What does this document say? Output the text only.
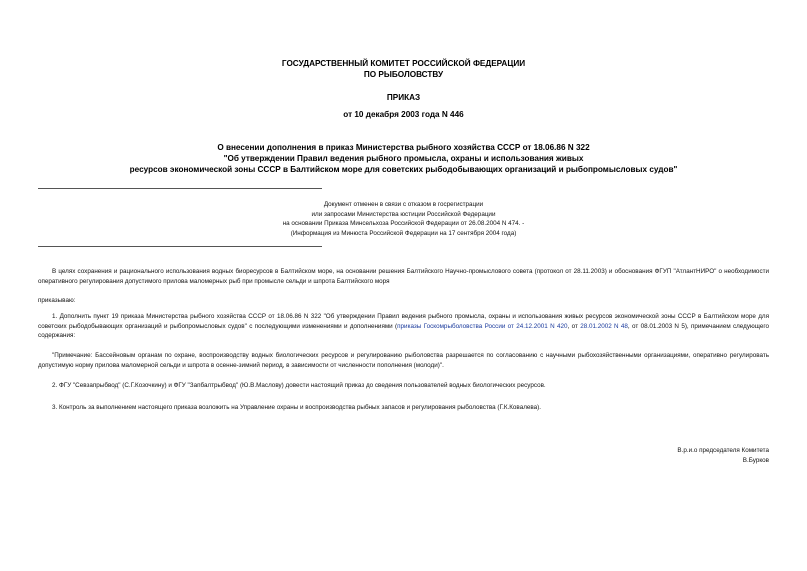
ГОСУДАРСТВЕННЫЙ КОМИТЕТ РОССИЙСКОЙ ФЕДЕРАЦИИ
ПО РЫБОЛОВСТВУ
ПРИКАЗ
от 10 декабря 2003 года N 446
О внесении дополнения в приказ Министерства рыбного хозяйства СССР от 18.06.86 N 322
"Об утверждении Правил ведения рыбного промысла, охраны и использования живых
ресурсов экономической зоны СССР в Балтийском море для советских рыбодобывающих организаций и рыбопромысловых судов"
Документ отменен в связи с отказом в госрегистрации
или запросами Министерства юстиции Российской Федерации
на основании Приказа Минсельхоза Российской Федерации от 26.08.2004 N 474. -
(Информация из Минюста Российской Федерации на 17 сентября 2004 года)

В целях сохранения и рационального использования водных биоресурсов в Балтийском море, на основании решения Балтийского Научно-промыслового совета (протокол от 28.11.2003) и обоснования ФГУП "АтлантНИРО" о необходимости оперативного регулирования допустимого прилова маломерных рыб при промысле сельди и шпрота Балтийского моря

приказываю:

1. Дополнить пункт 19 приказа Министерства рыбного хозяйства СССР от 18.06.86 N 322 "Об утверждении Правил ведения рыбного промысла, охраны и использования живых ресурсов экономической зоны СССР в Балтийском море для советских рыбодобывающих организаций и рыбопромысловых судов" с последующими изменениями и дополнениями (приказы Госкомрыболовства России от 24.12.2001 N 420, от 28.01.2002 N 48, от 08.01.2003 N 5), примечанием следующего содержания:

"Примечание: Бассейновым органам по охране, воспроизводству водных биологических ресурсов и регулированию рыболовства разрешается по согласованию с научными рыбохозяйственными организациями, оперативно регулировать допустимую норму прилова маломерной сельди и шпрота в осенне-зимний период, в зависимости от численности пополнения (молоди)".

2. ФГУ "Севзапрыбвод" (С.Г.Козочкину) и ФГУ "Запбалтрыбвод" (Ю.В.Маслову) довести настоящий приказ до сведения пользователей водных биологических ресурсов.

3. Контроль за выполнением настоящего приказа возложить на Управление охраны и воспроизводства рыбных запасов и регулирования рыболовства (Г.К.Ковалева).

В.р.и.о председателя Комитета
В.Бурков
